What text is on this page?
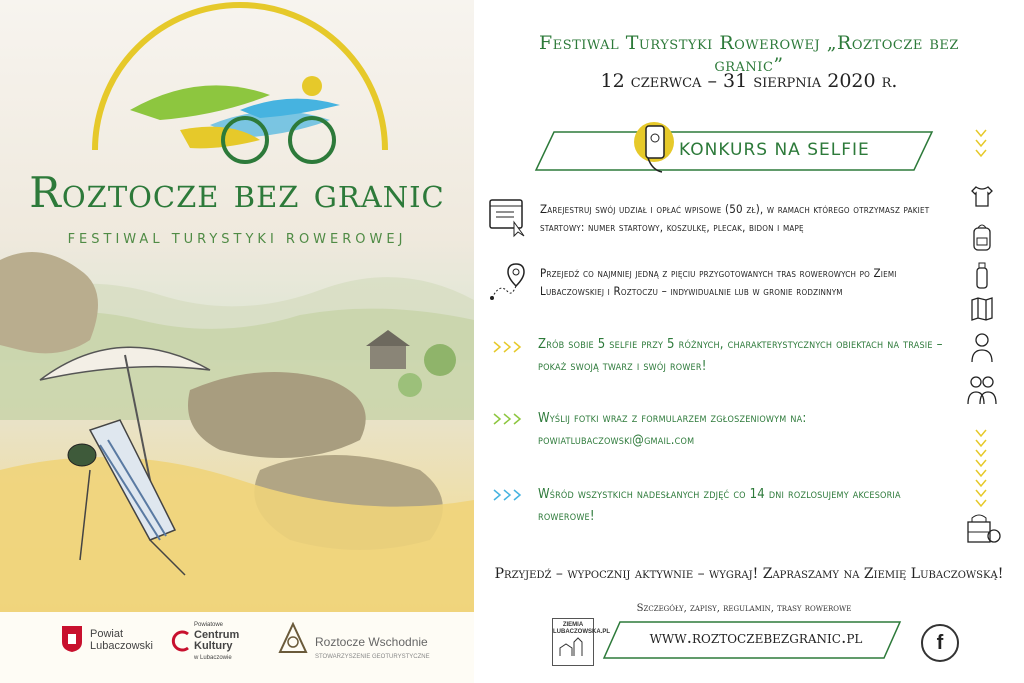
Roztocze bez granic
FESTIWAL TURYSTYKI ROWEROWEJ
Powiat
Lubaczowski
Powiatowe
Centrum
Kultury
w Lubaczowie
Roztocze Wschodnie
STOWARZYSZENIE GEOTURYSTYCZNE
Festiwal Turystyki Rowerowej „Roztocze bez granic”
12 czerwca – 31 sierpnia 2020 r.
KONKURS NA SELFIE
Zarejestruj swój udział i opłać wpisowe (50 zł), w ramach którego otrzymasz pakiet startowy: numer startowy, koszulkę, plecak, bidon i mapę
Przejedź co najmniej jedną z pięciu przygotowanych tras rowerowych po Ziemi Lubaczowskiej i Roztoczu – indywidualnie lub w gronie rodzinnym
Zrób sobie 5 selfie przy 5 różnych, charakterystycznych obiektach na trasie – pokaż swoją twarz i swój rower!
Wyślij fotki wraz z formularzem zgłoszeniowym na: powiatlubaczowski@gmail.com
Wśród wszystkich nadesłanych zdjęć co 14 dni rozlosujemy akcesoria rowerowe!
Przyjedź – wypocznij aktywnie – wygraj! Zapraszamy na Ziemię Lubaczowską!
Szczegóły, zapisy, regulamin, trasy rowerowe
ZIEMIA LUBACZOWSKA.PL www.roztoczebezgranic.pl	f
